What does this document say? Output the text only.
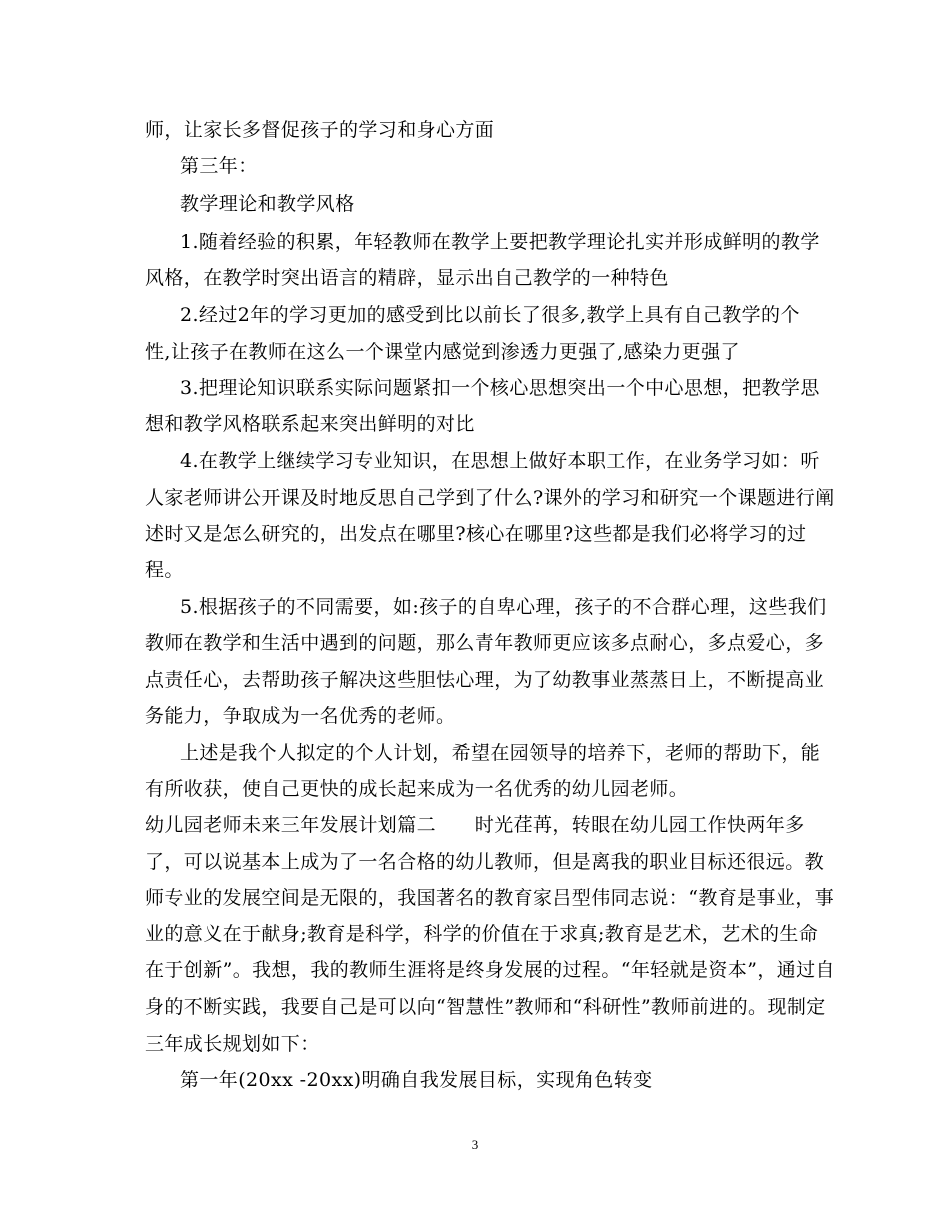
师，让家长多督促孩子的学习和身心方面
第三年：
教学理论和教学风格
1.随着经验的积累，年轻教师在教学上要把教学理论扎实并形成鲜明的教学
风格，在教学时突出语言的精辟，显示出自己教学的一种特色
2.经过2年的学习更加的感受到比以前长了很多,教学上具有自己教学的个
性,让孩子在教师在这么一个课堂内感觉到渗透力更强了,感染力更强了
3.把理论知识联系实际问题紧扣一个核心思想突出一个中心思想，把教学思
想和教学风格联系起来突出鲜明的对比
4.在教学上继续学习专业知识，在思想上做好本职工作，在业务学习如：听
人家老师讲公开课及时地反思自己学到了什么?课外的学习和研究一个课题进行阐
述时又是怎么研究的，出发点在哪里?核心在哪里?这些都是我们必将学习的过
程。
5.根据孩子的不同需要，如:孩子的自卑心理，孩子的不合群心理，这些我们
教师在教学和生活中遇到的问题，那么青年教师更应该多点耐心，多点爱心，多
点责任心，去帮助孩子解决这些胆怯心理，为了幼教事业蒸蒸日上，不断提高业
务能力，争取成为一名优秀的老师。
上述是我个人拟定的个人计划，希望在园领导的培养下，老师的帮助下，能
有所收获，使自己更快的成长起来成为一名优秀的幼儿园老师。
幼儿园老师未来三年发展计划篇二　　时光荏苒，转眼在幼儿园工作快两年多
了，可以说基本上成为了一名合格的幼儿教师，但是离我的职业目标还很远。教
师专业的发展空间是无限的，我国著名的教育家吕型伟同志说：“教育是事业，事
业的意义在于献身;教育是科学，科学的价值在于求真;教育是艺术，艺术的生命
在于创新”。我想，我的教师生涯将是终身发展的过程。“年轻就是资本”，通过自
身的不断实践，我要自己是可以向“智慧性”教师和“科研性”教师前进的。现制定
三年成长规划如下：
第一年(20xx -20xx)明确自我发展目标，实现角色转变
3
